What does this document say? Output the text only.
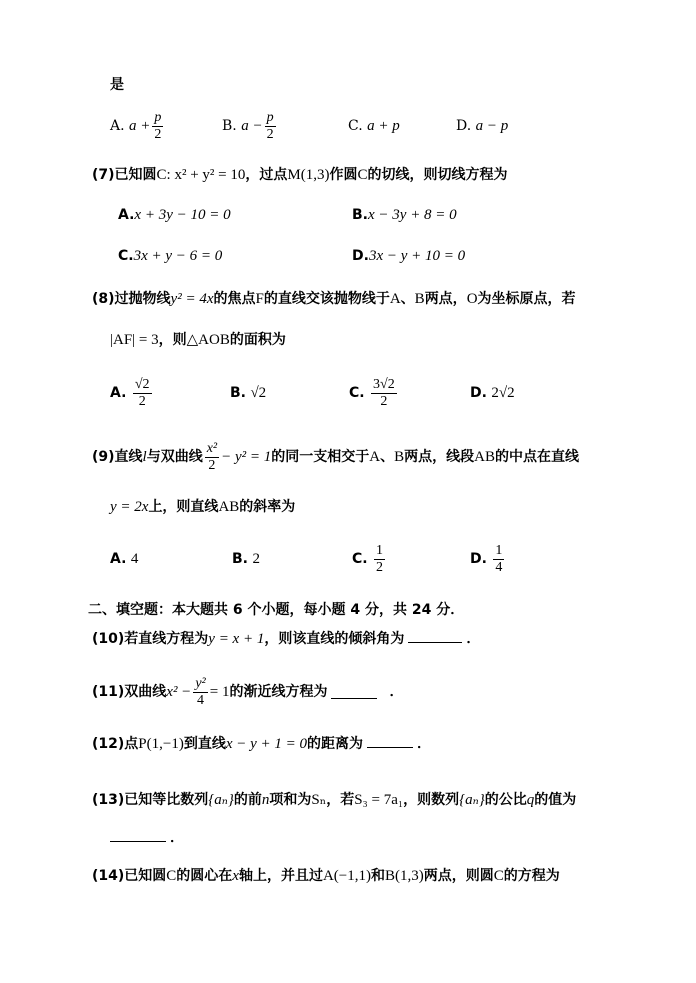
是
A.
$a + \frac{p}{2}$	B.
$a - \frac{p}{2}$	C.
a + p	D.
a − p
(7)已知圆C: x² + y² = 10，过点M(1,3)作圆C的切线，则切线方程为
A.x + 3y − 10 = 0	B.x − 3y + 8 = 0
C.3x + y − 6 = 0	D.3x − y + 10 = 0
(8)过抛物线y² = 4x的焦点F的直线交该抛物线于A、B两点，O为坐标原点，若
|AF| = 3，则△AOB的面积为
A.
$\frac{√2}{2}$	B.
√2	C.
$\frac{3√2}{2}$	D.
2√2
(9) 直线 l 与双曲线 $\frac{\text{x²}}{2} - y^2 = 1$ 的同一支相交于 A 、 B 两点，线段 AB 的中点在直线
y = 2x上，则直线AB的斜率为
A.
4	B.
2	C.
$\frac{1}{2}$	D.
$\frac{1}{4}$
二、填空题：本大题共 6 个小题，每小题 4 分，共 24 分．
(10)若直线方程为y = x + 1，则该直线的倾斜角为	．
(11) 双曲线 $x^2 - \frac{\text{y²}}{4} = 1$ 的渐近线方程为	．
(12)点P(1,−1)到直线x − y + 1 = 0的距离为	．
(13)已知等比数列{aₙ}的前n项和为Sₙ，若S₃ = 7a₁，则数列{aₙ}的公比q的值为
．
(14)已知圆C的圆心在x轴上，并且过A(−1,1)和B(1,3)两点，则圆C的方程为
